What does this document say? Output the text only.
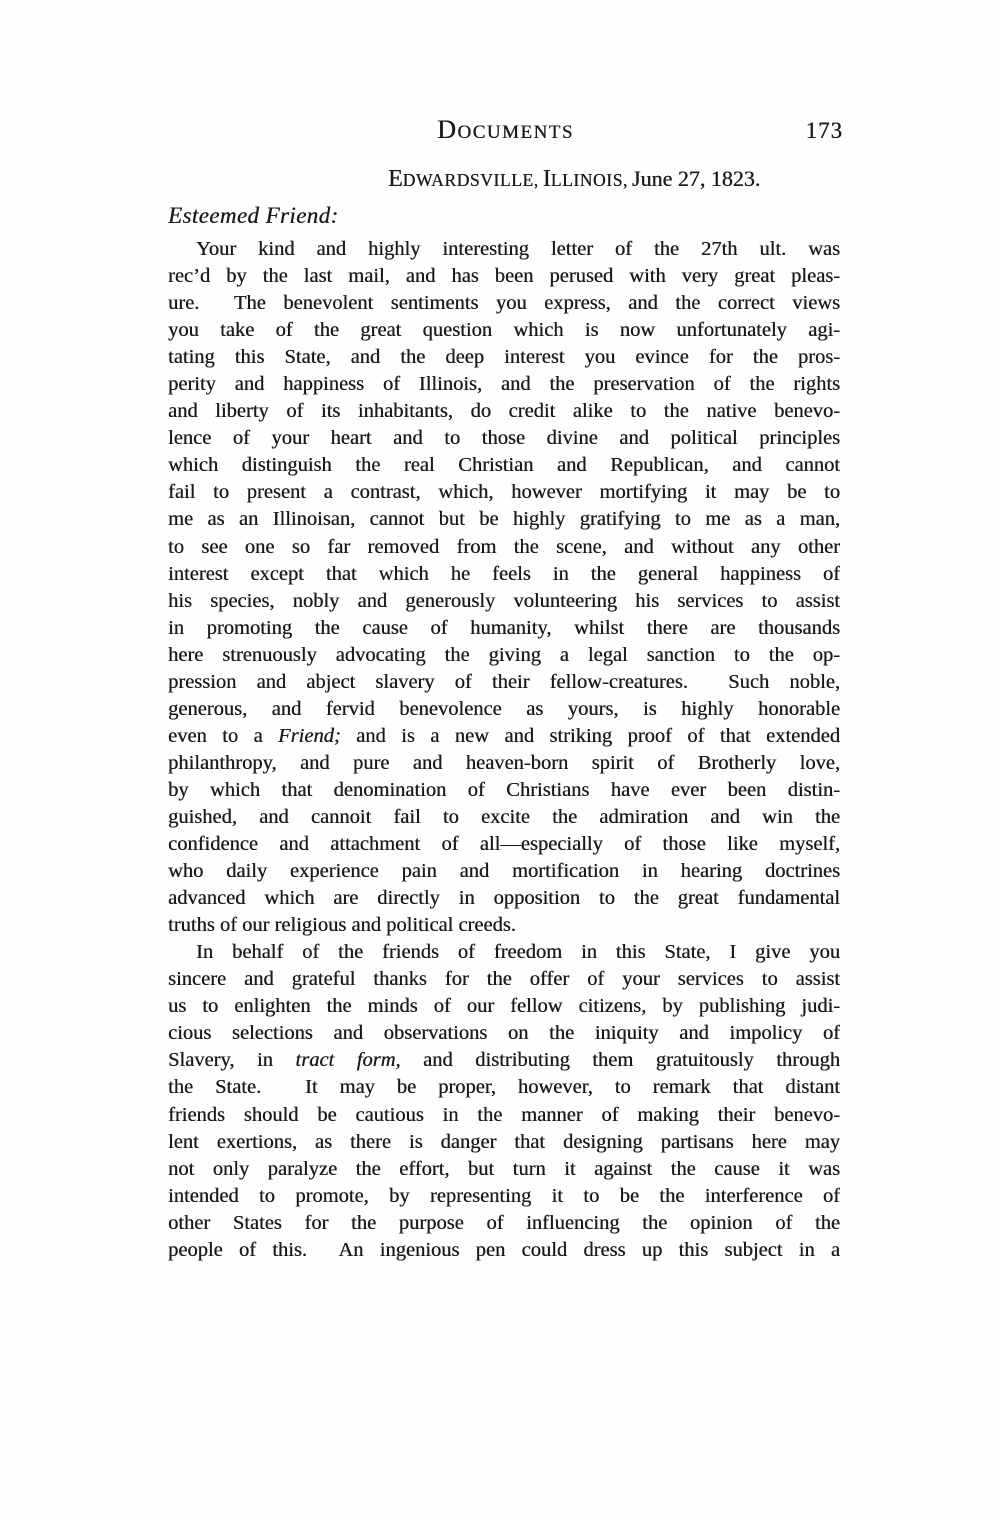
DOCUMENTS	173
EDWARDSVILLE, ILLINOIS, June 27, 1823.
Esteemed Friend:
Your kind and highly interesting letter of the 27th ult. was
rec’d by the last mail, and has been perused with very great pleas-
ure.  The benevolent sentiments you express, and the correct views
you take of the great question which is now unfortunately agi-
tating this State, and the deep interest you evince for the pros-
perity and happiness of Illinois, and the preservation of the rights
and liberty of its inhabitants, do credit alike to the native benevo-
lence of your heart and to those divine and political principles
which distinguish the real Christian and Republican, and cannot
fail to present a contrast, which, however mortifying it may be to
me as an Illinoisan, cannot but be highly gratifying to me as a man,
to see one so far removed from the scene, and without any other
interest except that which he feels in the general happiness of
his species, nobly and generously volunteering his services to assist
in promoting the cause of humanity, whilst there are thousands
here strenuously advocating the giving a legal sanction to the op-
pression and abject slavery of their fellow-creatures.  Such noble,
generous, and fervid benevolence as yours, is highly honorable
even to a Friend; and is a new and striking proof of that extended
philanthropy, and pure and heaven-born spirit of Brotherly love,
by which that denomination of Christians have ever been distin-
guished, and cannoit fail to excite the admiration and win the
confidence and attachment of all—especially of those like myself,
who daily experience pain and mortification in hearing doctrines
advanced which are directly in opposition to the great fundamental
truths of our religious and political creeds.
In behalf of the friends of freedom in this State, I give you
sincere and grateful thanks for the offer of your services to assist
us to enlighten the minds of our fellow citizens, by publishing judi-
cious selections and observations on the iniquity and impolicy of
Slavery, in tract form, and distributing them gratuitously through
the State.  It may be proper, however, to remark that distant
friends should be cautious in the manner of making their benevo-
lent exertions, as there is danger that designing partisans here may
not only paralyze the effort, but turn it against the cause it was
intended to promote, by representing it to be the interference of
other States for the purpose of influencing the opinion of the
people of this.  An ingenious pen could dress up this subject in a
